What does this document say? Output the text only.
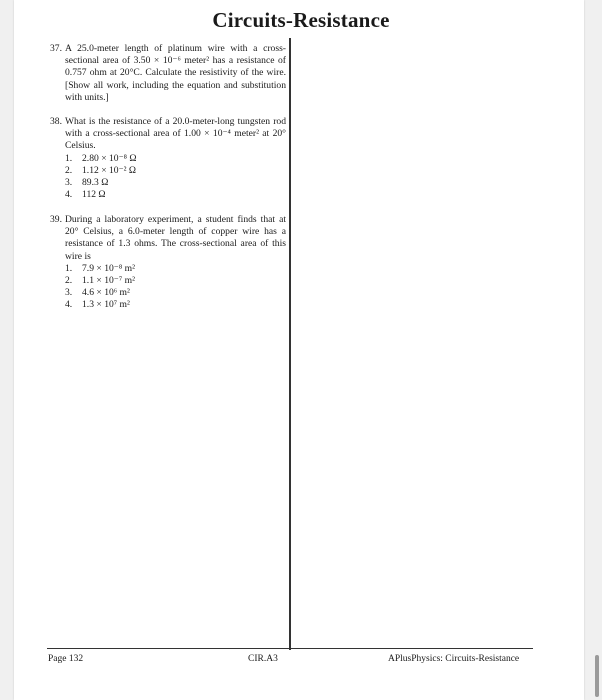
Circuits-Resistance
37. A 25.0-meter length of platinum wire with a cross-sectional area of 3.50 × 10⁻⁶ meter² has a resistance of 0.757 ohm at 20°C. Calculate the resistivity of the wire. [Show all work, including the equation and substitution with units.]
38. What is the resistance of a 20.0-meter-long tungsten rod with a cross-sectional area of 1.00 × 10⁻⁴ meter² at 20° Celsius.
1. 2.80 × 10⁻⁸ Ω
2. 1.12 × 10⁻² Ω
3. 89.3 Ω
4. 112 Ω
39. During a laboratory experiment, a student finds that at 20° Celsius, a 6.0-meter length of copper wire has a resistance of 1.3 ohms. The cross-sectional area of this wire is
1. 7.9 × 10⁻⁸ m²
2. 1.1 × 10⁻⁷ m²
3. 4.6 × 10⁶ m²
4. 1.3 × 10⁷ m²
Page 132	CIR.A3	APlusPhysics: Circuits-Resistance
